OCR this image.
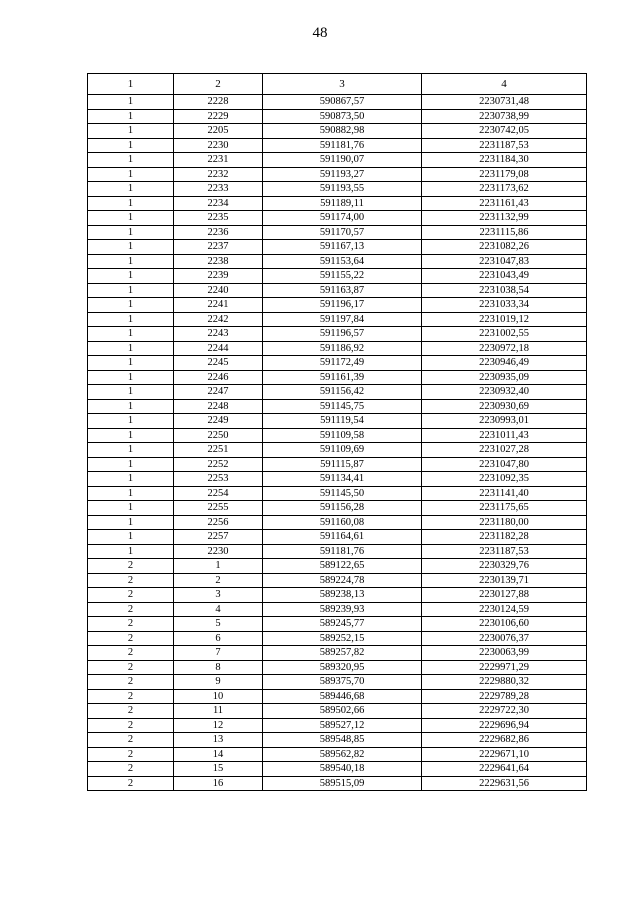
48
1	2	3	4
1	2228	590867,57	2230731,48
1	2229	590873,50	2230738,99
1	2205	590882,98	2230742,05
1	2230	591181,76	2231187,53
1	2231	591190,07	2231184,30
1	2232	591193,27	2231179,08
1	2233	591193,55	2231173,62
1	2234	591189,11	2231161,43
1	2235	591174,00	2231132,99
1	2236	591170,57	2231115,86
1	2237	591167,13	2231082,26
1	2238	591153,64	2231047,83
1	2239	591155,22	2231043,49
1	2240	591163,87	2231038,54
1	2241	591196,17	2231033,34
1	2242	591197,84	2231019,12
1	2243	591196,57	2231002,55
1	2244	591186,92	2230972,18
1	2245	591172,49	2230946,49
1	2246	591161,39	2230935,09
1	2247	591156,42	2230932,40
1	2248	591145,75	2230930,69
1	2249	591119,54	2230993,01
1	2250	591109,58	2231011,43
1	2251	591109,69	2231027,28
1	2252	591115,87	2231047,80
1	2253	591134,41	2231092,35
1	2254	591145,50	2231141,40
1	2255	591156,28	2231175,65
1	2256	591160,08	2231180,00
1	2257	591164,61	2231182,28
1	2230	591181,76	2231187,53
2	1	589122,65	2230329,76
2	2	589224,78	2230139,71
2	3	589238,13	2230127,88
2	4	589239,93	2230124,59
2	5	589245,77	2230106,60
2	6	589252,15	2230076,37
2	7	589257,82	2230063,99
2	8	589320,95	2229971,29
2	9	589375,70	2229880,32
2	10	589446,68	2229789,28
2	11	589502,66	2229722,30
2	12	589527,12	2229696,94
2	13	589548,85	2229682,86
2	14	589562,82	2229671,10
2	15	589540,18	2229641,64
2	16	589515,09	2229631,56
